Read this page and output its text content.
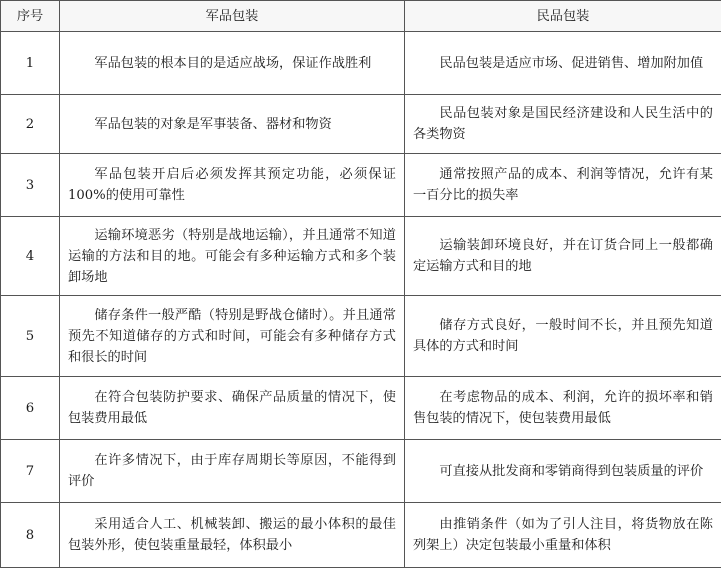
序号	军品包装	民品包装
1	军品包装的根本目的是适应战场，保证作战胜利	民品包装是适应市场、促进销售、增加附加值
2	军品包装的对象是军事装备、器材和物资	民品包装对象是国民经济建设和人民生活中的各类物资
3	军品包装开启后必须发挥其预定功能，必须保证100%的使用可靠性	通常按照产品的成本、利润等情况，允许有某一百分比的损失率
4	运输环境恶劣（特别是战地运输），并且通常不知道运输的方法和目的地。可能会有多种运输方式和多个装卸场地	运输装卸环境良好，并在订货合同上一般都确定运输方式和目的地
5	储存条件一般严酷（特别是野战仓储时）。并且通常预先不知道储存的方式和时间，可能会有多种储存方式和很长的时间	储存方式良好，一般时间不长，并且预先知道具体的方式和时间
6	在符合包装防护要求、确保产品质量的情况下，使包装费用最低	在考虑物品的成本、利润，允许的损坏率和销售包装的情况下，使包装费用最低
7	在许多情况下，由于库存周期长等原因，不能得到评价	可直接从批发商和零销商得到包装质量的评价
8	采用适合人工、机械装卸、搬运的最小体积的最佳包装外形，使包装重量最轻，体积最小	由推销条件（如为了引人注目，将货物放在陈列架上）决定包装最小重量和体积
